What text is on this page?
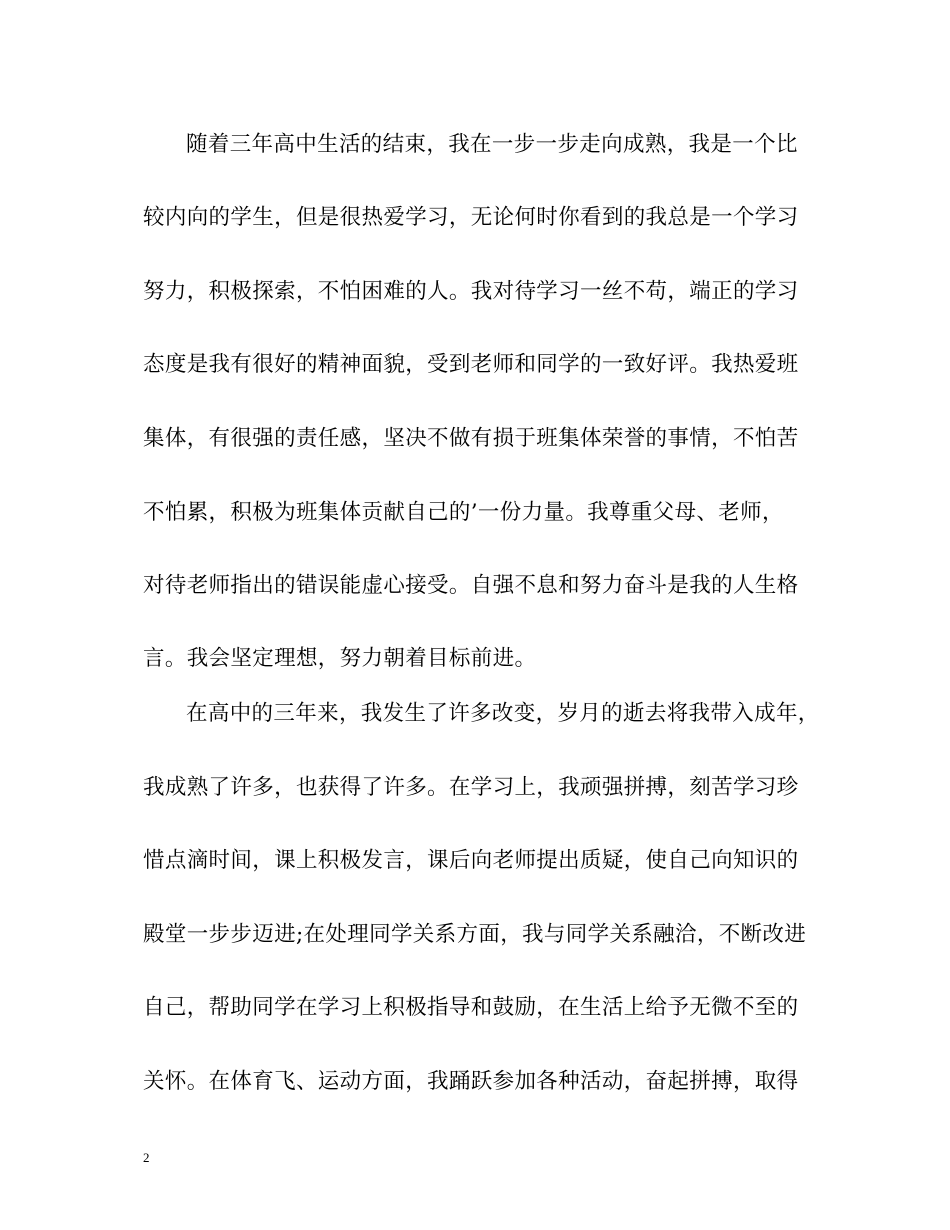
随着三年高中生活的结束，我在一步一步走向成熟，我是一个比
较内向的学生，但是很热爱学习，无论何时你看到的我总是一个学习
努力，积极探索，不怕困难的人。我对待学习一丝不苟，端正的学习
态度是我有很好的精神面貌，受到老师和同学的一致好评。我热爱班
集体，有很强的责任感，坚决不做有损于班集体荣誉的事情，不怕苦
不怕累，积极为班集体贡献自己的’一份力量。我尊重父母、老师，
对待老师指出的错误能虚心接受。自强不息和努力奋斗是我的人生格
言。我会坚定理想，努力朝着目标前进。
在高中的三年来，我发生了许多改变，岁月的逝去将我带入成年，
我成熟了许多，也获得了许多。在学习上，我顽强拼搏，刻苦学习珍
惜点滴时间，课上积极发言，课后向老师提出质疑，使自己向知识的
殿堂一步步迈进;在处理同学关系方面，我与同学关系融洽，不断改进
自己，帮助同学在学习上积极指导和鼓励，在生活上给予无微不至的
关怀。在体育飞、运动方面，我踊跃参加各种活动，奋起拼搏，取得
2
